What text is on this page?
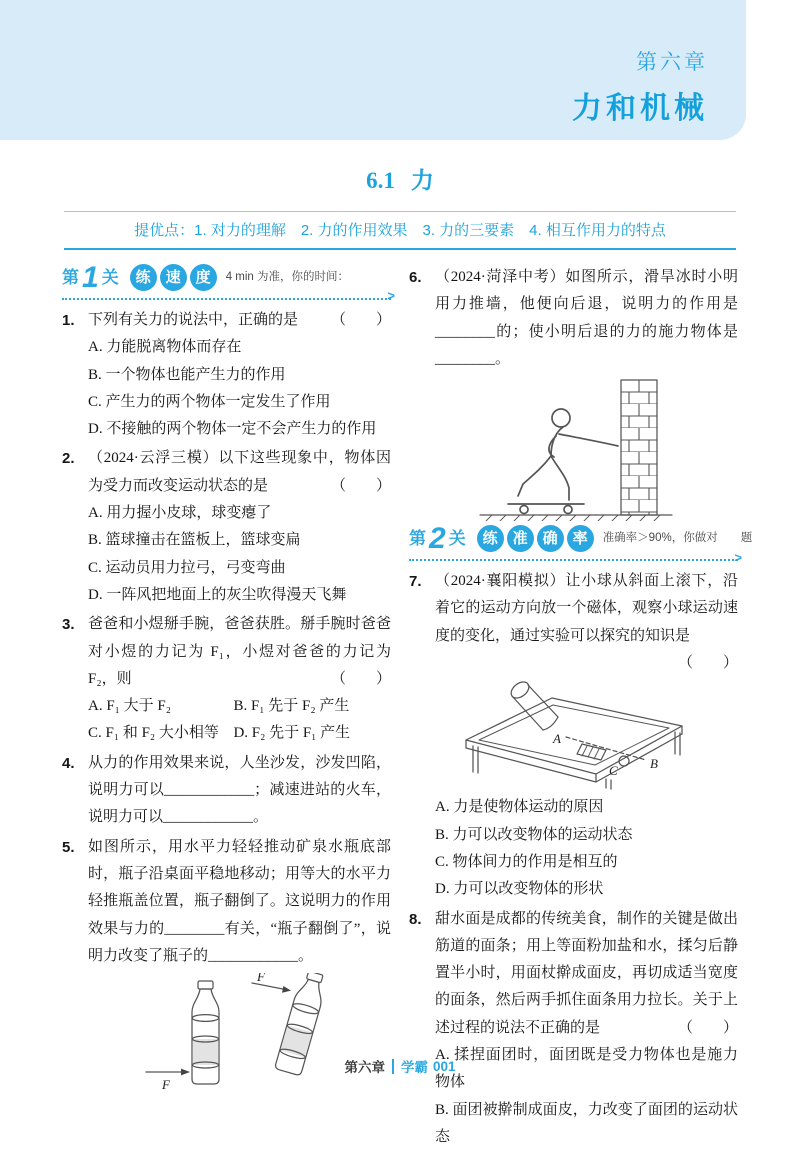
第六章
力和机械
6.1 力
提优点：1. 对力的理解　2. 力的作用效果　3. 力的三要素　4. 相互作用力的特点
第 1 关	练 速 度	4 min 为准，你的时间：
>
1. 下列有关力的说法中，正确的是 （　　）
A. 力能脱离物体而存在
B. 一个物体也能产生力的作用
C. 产生力的两个物体一定发生了作用
D. 不接触的两个物体一定不会产生力的作用
2. （2024·云浮三模）以下这些现象中，物体因为受力而改变运动状态的是	（　　）
A. 用力握小皮球，球变瘪了
B. 篮球撞击在篮板上，篮球变扁
C. 运动员用力拉弓，弓变弯曲
D. 一阵风把地面上的灰尘吹得漫天飞舞
3. 爸爸和小煜掰手腕，爸爸获胜。掰手腕时爸爸对小煜的力记为 F₁，小煜对爸爸的力记为 F₂，则	（　　）
A. F₁ 大于 F₂	B. F₁ 先于 F₂ 产生
C. F₁ 和 F₂ 大小相等 D. F₂ 先于 F₁ 产生
4. 从力的作用效果来说，人坐沙发，沙发凹陷，说明力可以____________；减速进站的火车，说明力可以____________。
5. 如图所示，用水平力轻轻推动矿泉水瓶底部时，瓶子沿桌面平稳地移动；用等大的水平力轻推瓶盖位置，瓶子翻倒了。这说明力的作用效果与力的________有关，“瓶子翻倒了”，说明力改变了瓶子的____________。
F
F
6. （2024·菏泽中考）如图所示，滑旱冰时小明用力推墙，他便向后退，说明力的作用是________的；使小明后退的力的施力物体是________。
第 2 关	练 准 确 率	准确率＞90%，你做对　　题
>
7. （2024·襄阳模拟）让小球从斜面上滚下，沿着它的运动方向放一个磁体，观察小球运动速度的变化，通过实验可以探究的知识是
（　　）
A
C B
A. 力是使物体运动的原因
B. 力可以改变物体的运动状态
C. 物体间力的作用是相互的
D. 力可以改变物体的形状
8. 甜水面是成都的传统美食，制作的关键是做出筋道的面条；用上等面粉加盐和水，揉匀后静置半小时，用面杖擀成面皮，再切成适当宽度的面条，然后两手抓住面条用力拉长。关于上述过程的说法不正确的是	（　　）
A. 揉捏面团时，面团既是受力物体也是施力物体
B. 面团被擀制成面皮，力改变了面团的运动状态
第六章 学霸 001
